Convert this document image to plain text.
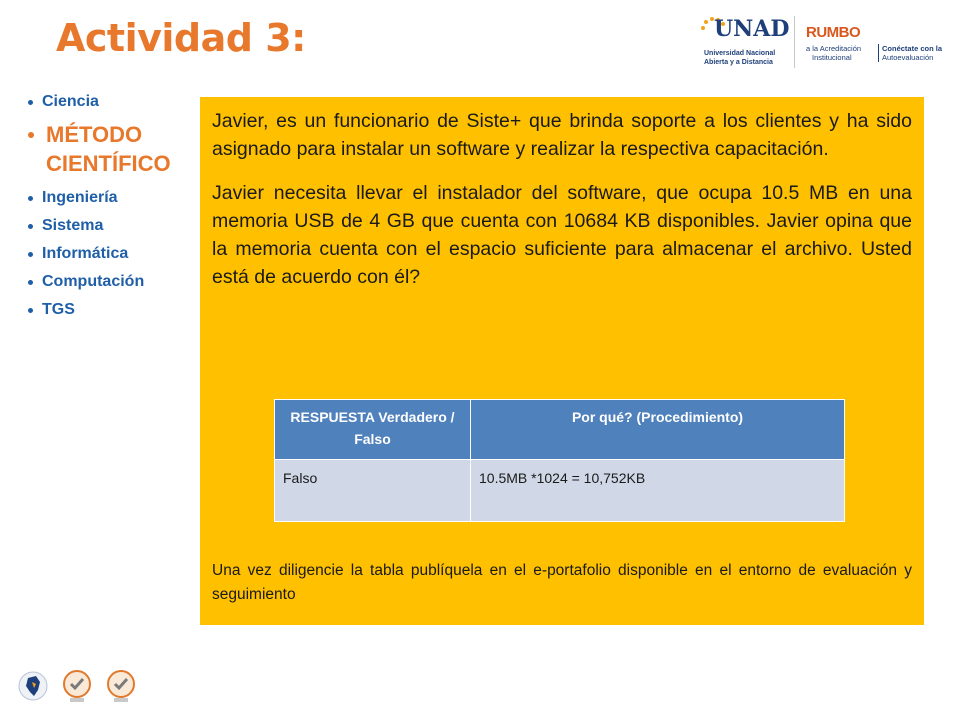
Actividad 3:	UNAD
Universidad Nacional
Abierta y a Distancia
RUMBO
a la Acreditación
Institucional
Conéctate con la
Autoevaluación
Ciencia
MÉTODO CIENTÍFICO
Ingeniería
Sistema
Informática
Computación
TGS

Javier, es un funcionario de Siste+ que brinda soporte a los clientes y ha sido asignado para instalar un software y realizar la respectiva capacitación.

Javier necesita llevar el instalador del software, que ocupa 10.5 MB en una memoria USB de 4 GB que cuenta con 10684 KB disponibles. Javier opina que la memoria cuenta con el espacio suficiente para almacenar el archivo. Usted está de acuerdo con él?

RESPUESTA Verdadero / Falso	Por qué? (Procedimiento)
Falso	10.5MB *1024 = 10,752KB

Una vez diligencie la tabla publíquela en el e-portafolio disponible en el entorno de evaluación y seguimiento
